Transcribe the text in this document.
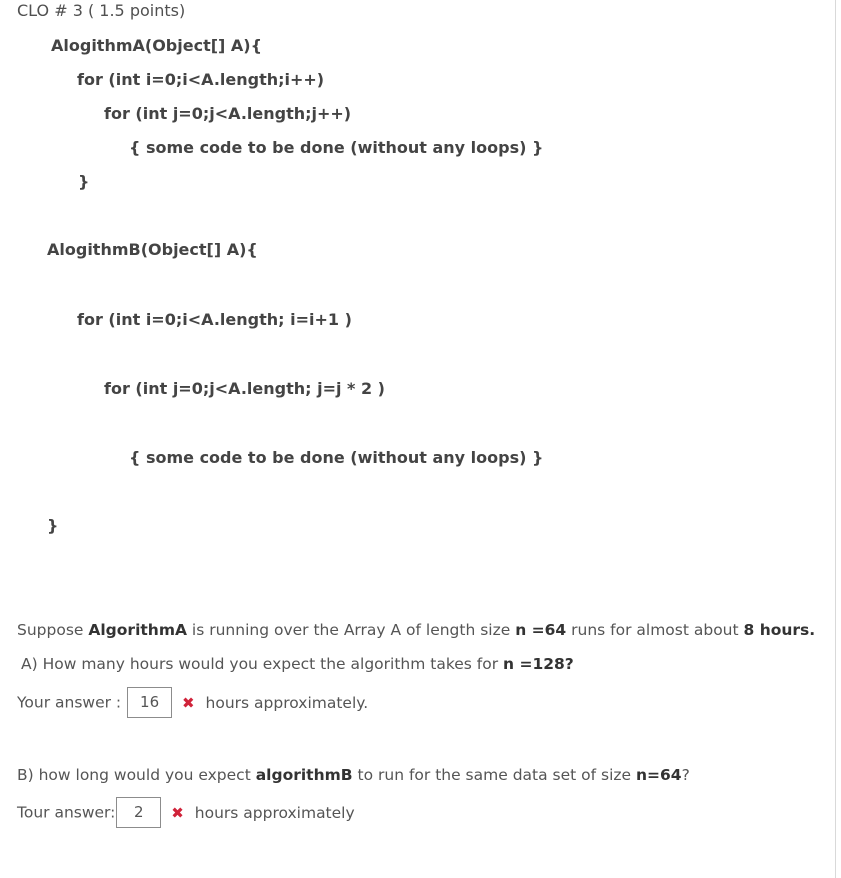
CLO # 3 ( 1.5 points)
AlogithmA(Object[] A){
for (int i=0;i<A.length;i++)
for (int j=0;j<A.length;j++)
{ some code to be done (without any loops) }
}
AlogithmB(Object[] A){
for (int i=0;i<A.length; i=i+1 )
for (int j=0;j<A.length; j=j * 2 )
{ some code to be done (without any loops) }
}
Suppose AlgorithmA is running over the Array A of length size n =64 runs for almost about 8 hours.
A) How many hours would you expect the algorithm takes for n =128?
Your answer : 16 ✖ hours approximately.
B) how long would you expect algorithmB to run for the same data set of size n=64?
Tour answer: 2 ✖ hours approximately
